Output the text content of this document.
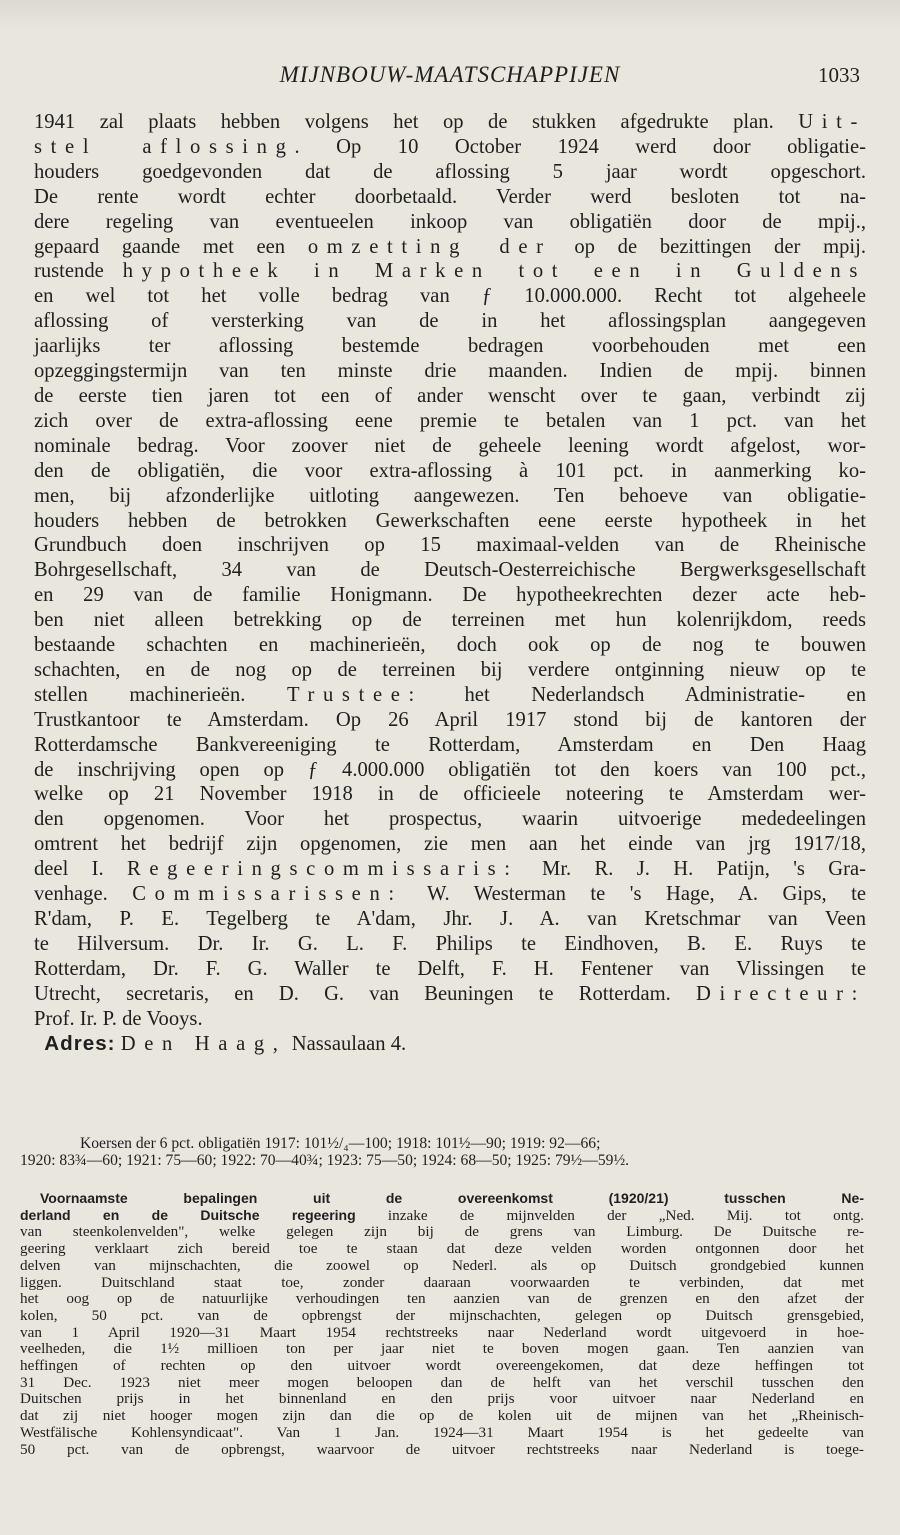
MIJNBOUW-MAATSCHAPPIJEN	1033
1941 zal plaats hebben volgens het op de stukken afgedrukte plan. Uit-
stel aflossing. Op 10 October 1924 werd door obligatie-
houders goedgevonden dat de aflossing 5 jaar wordt opgeschort.
De rente wordt echter doorbetaald. Verder werd besloten tot na-
dere regeling van eventueelen inkoop van obligatiën door de mpij.,
gepaard gaande met een omzetting der op de bezittingen der mpij.
rustende hypotheek in Marken tot een in Guldens
en wel tot het volle bedrag van ƒ 10.000.000. Recht tot algeheele
aflossing of versterking van de in het aflossingsplan aangegeven
jaarlijks ter aflossing bestemde bedragen voorbehouden met een
opzeggingstermijn van ten minste drie maanden. Indien de mpij. binnen
de eerste tien jaren tot een of ander wenscht over te gaan, verbindt zij
zich over de extra-aflossing eene premie te betalen van 1 pct. van het
nominale bedrag. Voor zoover niet de geheele leening wordt afgelost, wor-
den de obligatiën, die voor extra-aflossing à 101 pct. in aanmerking ko-
men, bij afzonderlijke uitloting aangewezen. Ten behoeve van obligatie-
houders hebben de betrokken Gewerkschaften eene eerste hypotheek in het
Grundbuch doen inschrijven op 15 maximaal-velden van de Rheinische
Bohrgesellschaft, 34 van de Deutsch-Oesterreichische Bergwerksgesellschaft
en 29 van de familie Honigmann. De hypotheekrechten dezer acte heb-
ben niet alleen betrekking op de terreinen met hun kolenrijkdom, reeds
bestaande schachten en machinerieën, doch ook op de nog te bouwen
schachten, en de nog op de terreinen bij verdere ontginning nieuw op te
stellen machinerieën. Trustee: het Nederlandsch Administratie- en
Trustkantoor te Amsterdam. Op 26 April 1917 stond bij de kantoren der
Rotterdamsche Bankvereeniging te Rotterdam, Amsterdam en Den Haag
de inschrijving open op ƒ 4.000.000 obligatiën tot den koers van 100 pct.,
welke op 21 November 1918 in de officieele noteering te Amsterdam wer-
den opgenomen. Voor het prospectus, waarin uitvoerige mededeelingen
omtrent het bedrijf zijn opgenomen, zie men aan het einde van jrg 1917/18,
deel I. Regeeringscommissaris: Mr. R. J. H. Patijn, 's Gra-
venhage. Commissarissen: W. Westerman te 's Hage, A. Gips, te
R'dam, P. E. Tegelberg te A'dam, Jhr. J. A. van Kretschmar van Veen
te Hilversum. Dr. Ir. G. L. F. Philips te Eindhoven, B. E. Ruys te
Rotterdam, Dr. F. G. Waller te Delft, F. H. Fentener van Vlissingen te
Utrecht, secretaris, en D. G. van Beuningen te Rotterdam. Directeur:
Prof. Ir. P. de Vooys.
Adres: Den Haag, Nassaulaan 4.
Koersen der 6 pct. obligatiën 1917: 101½/₄—100; 1918: 101½—90; 1919: 92—66;
1920: 83¾—60; 1921: 75—60; 1922: 70—40¾; 1923: 75—50; 1924: 68—50; 1925: 79½—59½.
Voornaamste bepalingen uit de overeenkomst (1920/21) tusschen Ne-
derland en de Duitsche regeering inzake de mijnvelden der „Ned. Mij. tot ontg.
van steenkolenvelden", welke gelegen zijn bij de grens van Limburg. De Duitsche re-
geering verklaart zich bereid toe te staan dat deze velden worden ontgonnen door het
delven van mijnschachten, die zoowel op Nederl. als op Duitsch grondgebied kunnen
liggen. Duitschland staat toe, zonder daaraan voorwaarden te verbinden, dat met
het oog op de natuurlijke verhoudingen ten aanzien van de grenzen en den afzet der
kolen, 50 pct. van de opbrengst der mijnschachten, gelegen op Duitsch grensgebied,
van 1 April 1920—31 Maart 1954 rechtstreeks naar Nederland wordt uitgevoerd in hoe-
veelheden, die 1½ millioen ton per jaar niet te boven mogen gaan. Ten aanzien van
heffingen of rechten op den uitvoer wordt overeengekomen, dat deze heffingen tot
31 Dec. 1923 niet meer mogen beloopen dan de helft van het verschil tusschen den
Duitschen prijs in het binnenland en den prijs voor uitvoer naar Nederland en
dat zij niet hooger mogen zijn dan die op de kolen uit de mijnen van het „Rheinisch-
Westfälische Kohlensyndicaat". Van 1 Jan. 1924—31 Maart 1954 is het gedeelte van
50 pct. van de opbrengst, waarvoor de uitvoer rechtstreeks naar Nederland is toege-
